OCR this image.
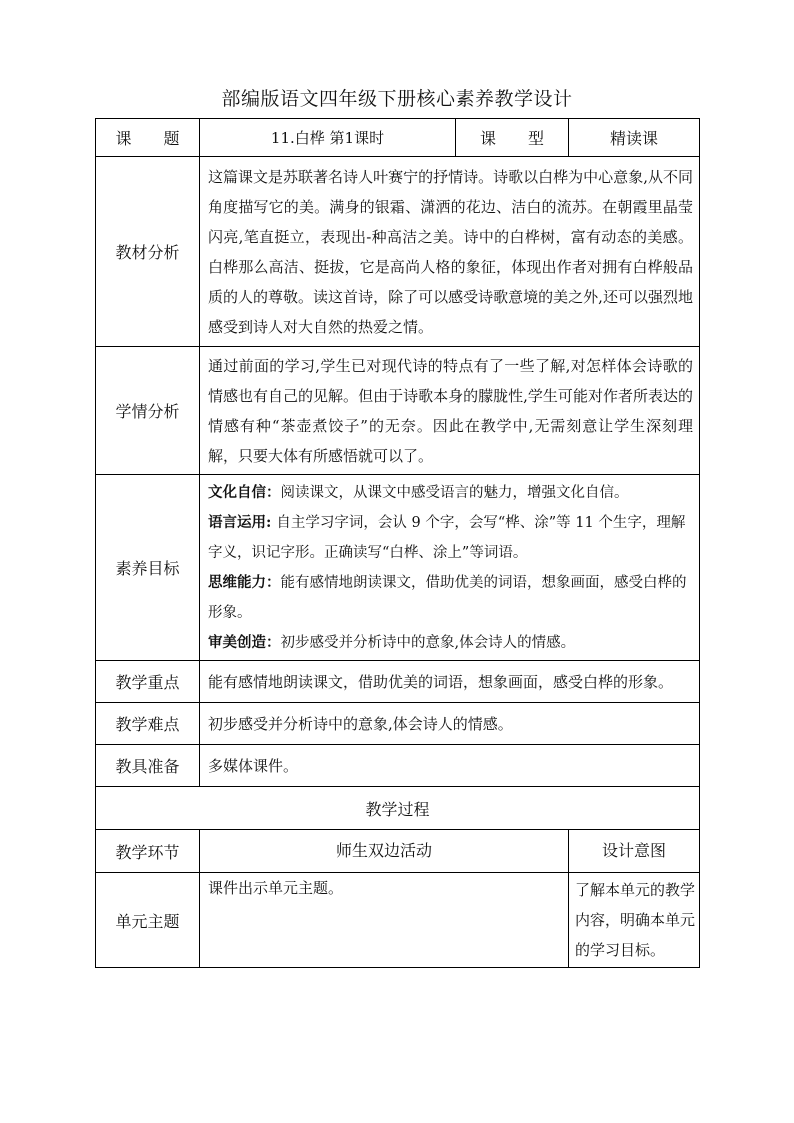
部编版语文四年级下册核心素养教学设计
课　　题	11.白桦 第1课时	课　　型	精读课
教材分析	这篇课文是苏联著名诗人叶赛宁的抒情诗。诗歌以白桦为中心意象,从不同角度描写它的美。满身的银霜、潇洒的花边、洁白的流苏。在朝霞里晶莹闪亮,笔直挺立，表现出-种高洁之美。诗中的白桦树，富有动态的美感。白桦那么高洁、挺拔，它是高尚人格的象征，体现出作者对拥有白桦般品质的人的尊敬。读这首诗，除了可以感受诗歌意境的美之外,还可以强烈地感受到诗人对大自然的热爱之情。		
学情分析	通过前面的学习,学生已对现代诗的特点有了一些了解,对怎样体会诗歌的情感也有自己的见解。但由于诗歌本身的朦胧性,学生可能对作者所表达的情感有种“茶壶煮饺子”的无奈。因此在教学中,无需刻意让学生深刻理解，只要大体有所感悟就可以了。		
素养目标	文化自信：阅读课文，从课文中感受语言的魅力，增强文化自信。
语言运用: 自主学习字词，会认 9 个字，会写“桦、涂”等 11 个生字，理解字义，识记字形。正确读写“白桦、涂上”等词语。
思维能力：能有感情地朗读课文，借助优美的词语，想象画面，感受白桦的形象。
审美创造：初步感受并分析诗中的意象,体会诗人的情感。		

教学重点	能有感情地朗读课文，借助优美的词语，想象画面，感受白桦的形象。		
教学难点	初步感受并分析诗中的意象,体会诗人的情感。		
教具准备	多媒体课件。		
教学过程			
教学环节	师生双边活动		设计意图
单元主题	课件出示单元主题。		了解本单元的教学内容，明确本单元的学习目标。
